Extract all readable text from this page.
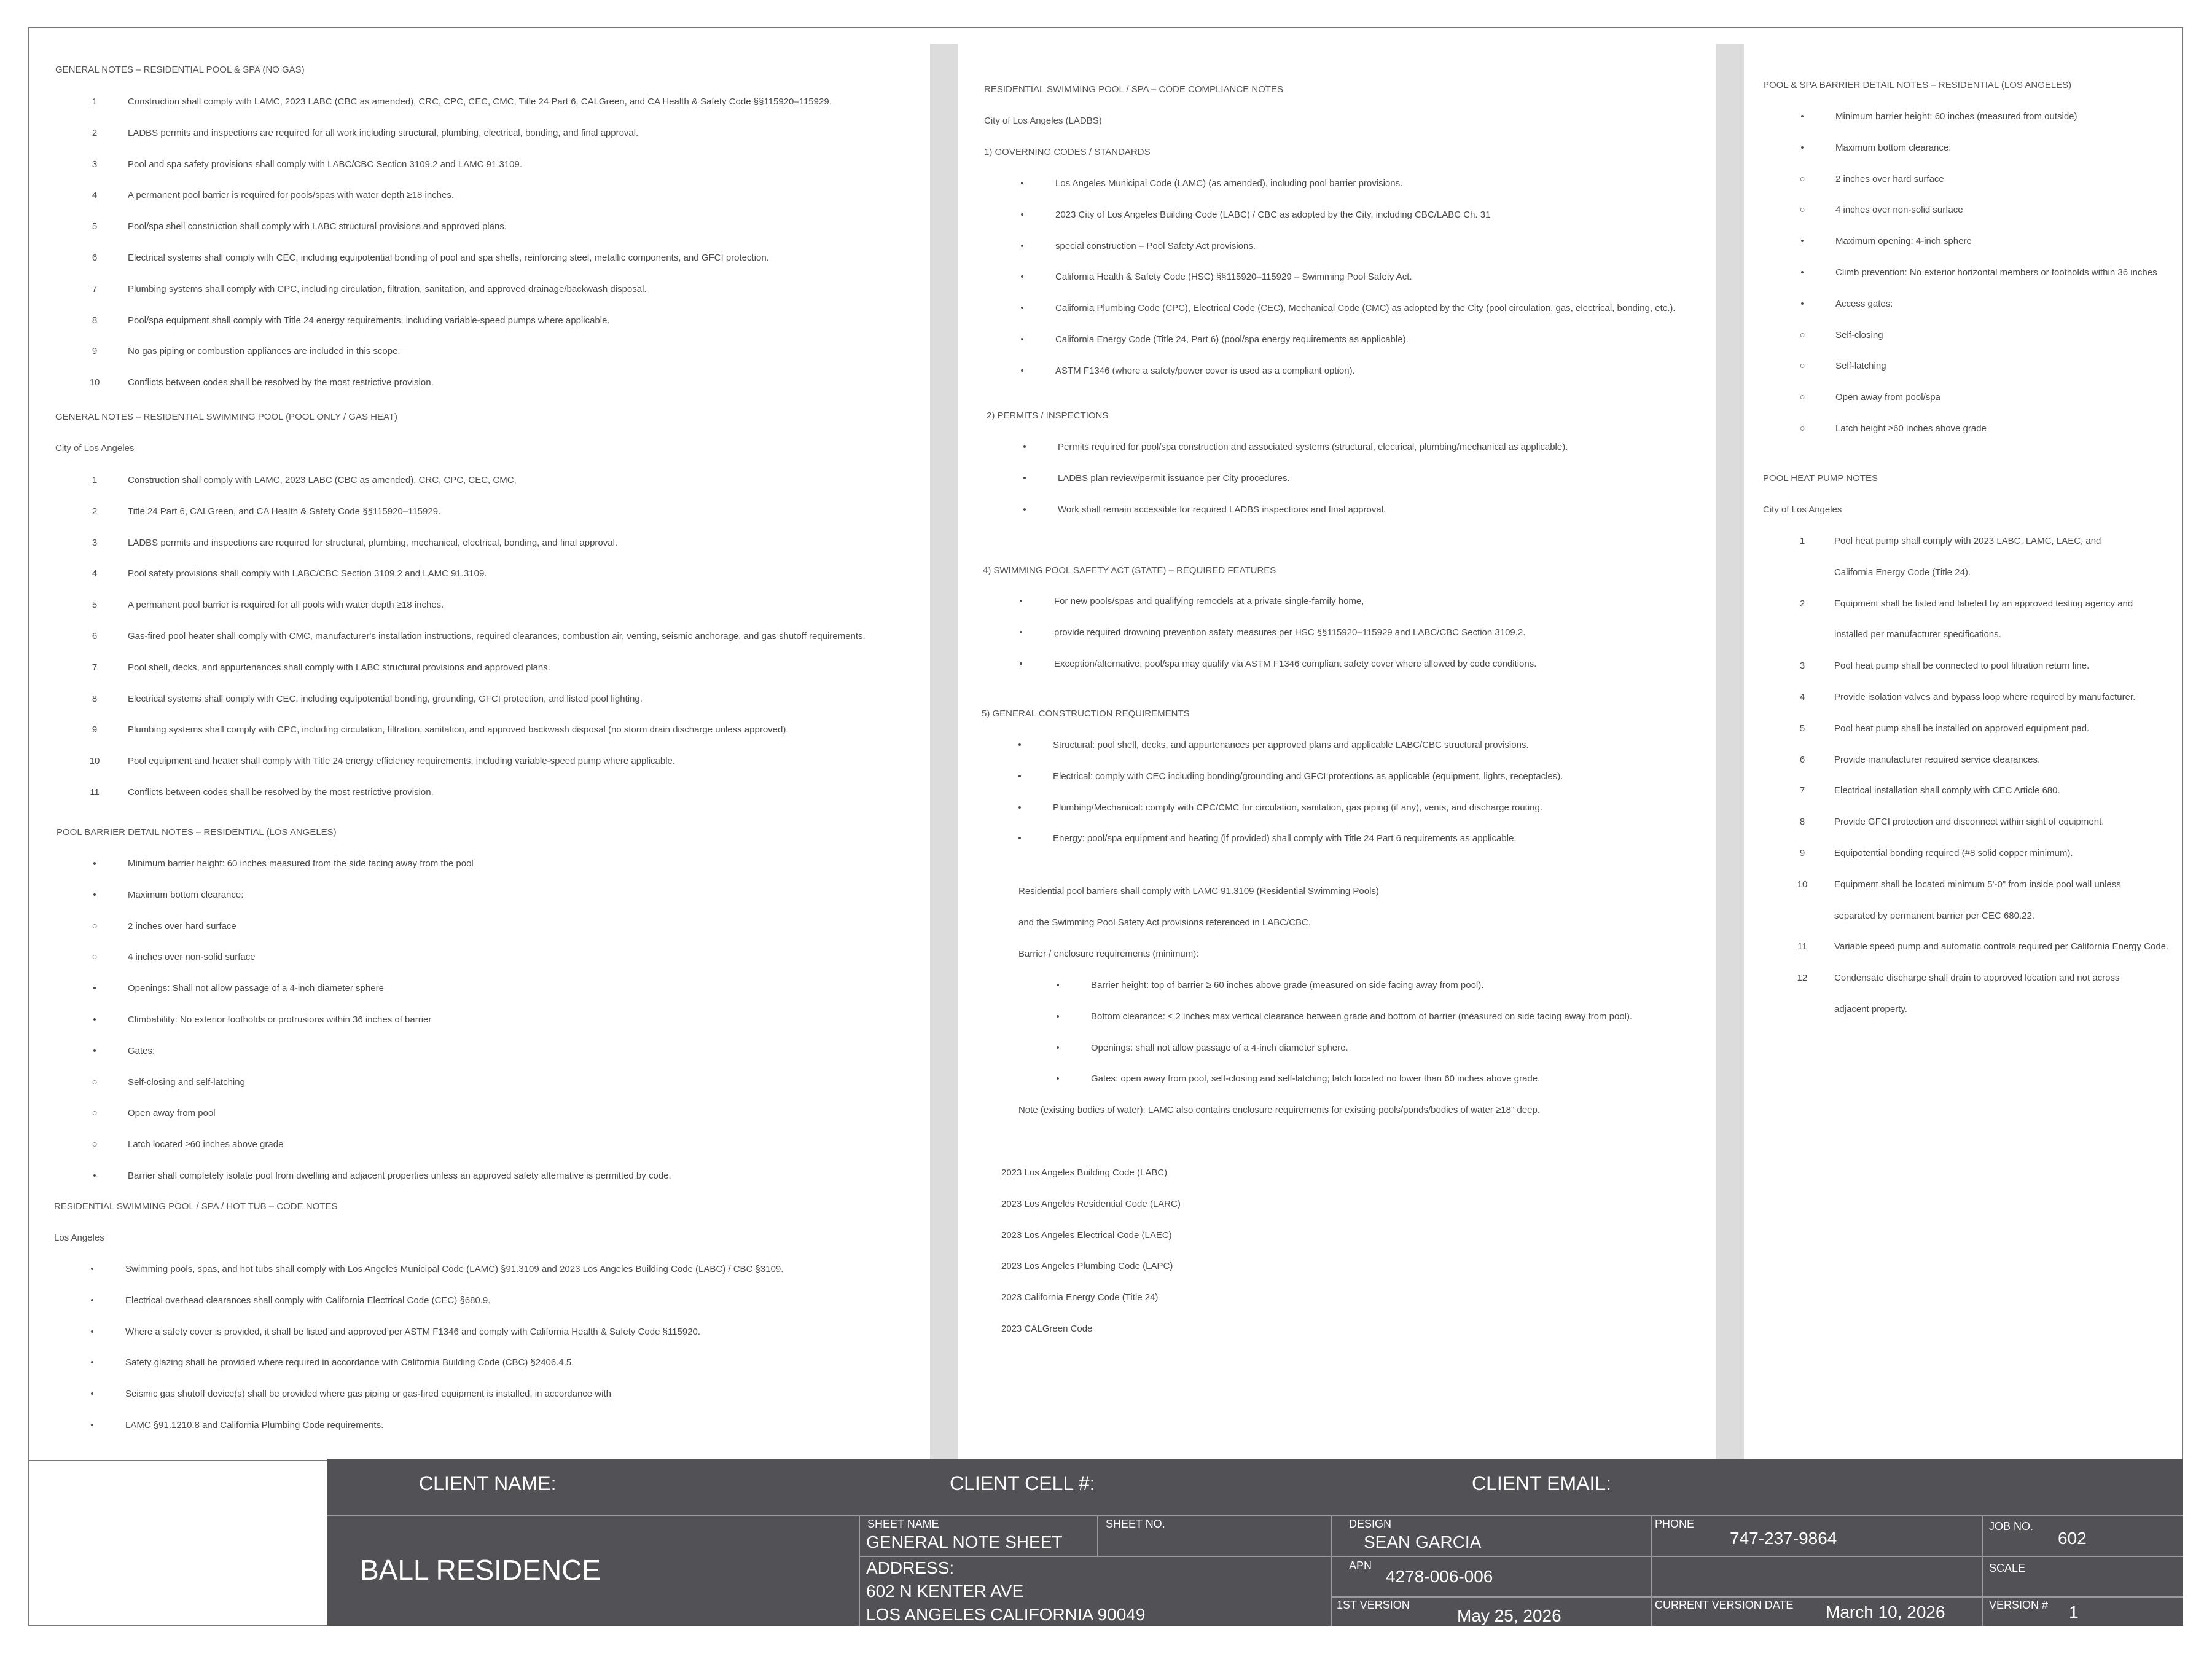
GENERAL NOTES – RESIDENTIAL POOL & SPA (NO GAS)
1	Construction shall comply with LAMC, 2023 LABC (CBC as amended), CRC, CPC, CEC, CMC, Title 24 Part 6, CALGreen, and CA Health & Safety Code §§115920–115929.
2	LADBS permits and inspections are required for all work including structural, plumbing, electrical, bonding, and final approval.
3	Pool and spa safety provisions shall comply with LABC/CBC Section 3109.2 and LAMC 91.3109.
4	A permanent pool barrier is required for pools/spas with water depth ≥18 inches.
5	Pool/spa shell construction shall comply with LABC structural provisions and approved plans.
6	Electrical systems shall comply with CEC, including equipotential bonding of pool and spa shells, reinforcing steel, metallic components, and GFCI protection.
7	Plumbing systems shall comply with CPC, including circulation, filtration, sanitation, and approved drainage/backwash disposal.
8	Pool/spa equipment shall comply with Title 24 energy requirements, including variable-speed pumps where applicable.
9	No gas piping or combustion appliances are included in this scope.
10	Conflicts between codes shall be resolved by the most restrictive provision.
GENERAL NOTES – RESIDENTIAL SWIMMING POOL (POOL ONLY / GAS HEAT)
City of Los Angeles
1	Construction shall comply with LAMC, 2023 LABC (CBC as amended), CRC, CPC, CEC, CMC,
2	Title 24 Part 6, CALGreen, and CA Health & Safety Code §§115920–115929.
3	LADBS permits and inspections are required for structural, plumbing, mechanical, electrical, bonding, and final approval.
4	Pool safety provisions shall comply with LABC/CBC Section 3109.2 and LAMC 91.3109.
5	A permanent pool barrier is required for all pools with water depth ≥18 inches.
6	Gas-fired pool heater shall comply with CMC, manufacturer's installation instructions, required clearances, combustion air, venting, seismic anchorage, and gas shutoff requirements.
7	Pool shell, decks, and appurtenances shall comply with LABC structural provisions and approved plans.
8	Electrical systems shall comply with CEC, including equipotential bonding, grounding, GFCI protection, and listed pool lighting.
9	Plumbing systems shall comply with CPC, including circulation, filtration, sanitation, and approved backwash disposal (no storm drain discharge unless approved).
10	Pool equipment and heater shall comply with Title 24 energy efficiency requirements, including variable-speed pump where applicable.
11	Conflicts between codes shall be resolved by the most restrictive provision.
POOL BARRIER DETAIL NOTES – RESIDENTIAL (LOS ANGELES)
•	Minimum barrier height: 60 inches measured from the side facing away from the pool
•	Maximum bottom clearance:
○	2 inches over hard surface
○	4 inches over non-solid surface
•	Openings: Shall not allow passage of a 4-inch diameter sphere
•	Climbability: No exterior footholds or protrusions within 36 inches of barrier
•	Gates:
○	Self-closing and self-latching
○	Open away from pool
○	Latch located ≥60 inches above grade
•	Barrier shall completely isolate pool from dwelling and adjacent properties unless an approved safety alternative is permitted by code.
RESIDENTIAL SWIMMING POOL / SPA / HOT TUB – CODE NOTES
Los Angeles
•	Swimming pools, spas, and hot tubs shall comply with Los Angeles Municipal Code (LAMC) §91.3109 and 2023 Los Angeles Building Code (LABC) / CBC §3109.
•	Electrical overhead clearances shall comply with California Electrical Code (CEC) §680.9.
•	Where a safety cover is provided, it shall be listed and approved per ASTM F1346 and comply with California Health & Safety Code §115920.
•	Safety glazing shall be provided where required in accordance with California Building Code (CBC) §2406.4.5.
•	Seismic gas shutoff device(s) shall be provided where gas piping or gas-fired equipment is installed, in accordance with
•	LAMC §91.1210.8 and California Plumbing Code requirements.
RESIDENTIAL SWIMMING POOL / SPA – CODE COMPLIANCE NOTES
City of Los Angeles (LADBS)
1) GOVERNING CODES / STANDARDS
•	Los Angeles Municipal Code (LAMC) (as amended), including pool barrier provisions.
•	2023 City of Los Angeles Building Code (LABC) / CBC as adopted by the City, including CBC/LABC Ch. 31
•	special construction – Pool Safety Act provisions.
•	California Health & Safety Code (HSC) §§115920–115929 – Swimming Pool Safety Act.
•	California Plumbing Code (CPC), Electrical Code (CEC), Mechanical Code (CMC) as adopted by the City (pool circulation, gas, electrical, bonding, etc.).
•	California Energy Code (Title 24, Part 6) (pool/spa energy requirements as applicable).
•	ASTM F1346 (where a safety/power cover is used as a compliant option).
2) PERMITS / INSPECTIONS
•	Permits required for pool/spa construction and associated systems (structural, electrical, plumbing/mechanical as applicable).
•	LADBS plan review/permit issuance per City procedures.
•	Work shall remain accessible for required LADBS inspections and final approval.
4) SWIMMING POOL SAFETY ACT (STATE) – REQUIRED FEATURES
•	For new pools/spas and qualifying remodels at a private single-family home,
•	provide required drowning prevention safety measures per HSC §§115920–115929 and LABC/CBC Section 3109.2.
•	Exception/alternative: pool/spa may qualify via ASTM F1346 compliant safety cover where allowed by code conditions.
5) GENERAL CONSTRUCTION REQUIREMENTS
•	Structural: pool shell, decks, and appurtenances per approved plans and applicable LABC/CBC structural provisions.
•	Electrical: comply with CEC including bonding/grounding and GFCI protections as applicable (equipment, lights, receptacles).
•	Plumbing/Mechanical: comply with CPC/CMC for circulation, sanitation, gas piping (if any), vents, and discharge routing.
•	Energy: pool/spa equipment and heating (if provided) shall comply with Title 24 Part 6 requirements as applicable.
Residential pool barriers shall comply with LAMC 91.3109 (Residential Swimming Pools)
and the Swimming Pool Safety Act provisions referenced in LABC/CBC.
Barrier / enclosure requirements (minimum):
•	Barrier height: top of barrier ≥ 60 inches above grade (measured on side facing away from pool).
•	Bottom clearance: ≤ 2 inches max vertical clearance between grade and bottom of barrier (measured on side facing away from pool).
•	Openings: shall not allow passage of a 4-inch diameter sphere.
•	Gates: open away from pool, self-closing and self-latching; latch located no lower than 60 inches above grade.
Note (existing bodies of water): LAMC also contains enclosure requirements for existing pools/ponds/bodies of water ≥18" deep.
2023 Los Angeles Building Code (LABC)
2023 Los Angeles Residential Code (LARC)
2023 Los Angeles Electrical Code (LAEC)
2023 Los Angeles Plumbing Code (LAPC)
2023 California Energy Code (Title 24)
2023 CALGreen Code
POOL & SPA BARRIER DETAIL NOTES – RESIDENTIAL (LOS ANGELES)
•	Minimum barrier height: 60 inches (measured from outside)
•	Maximum bottom clearance:
○	2 inches over hard surface
○	4 inches over non-solid surface
•	Maximum opening: 4-inch sphere
•	Climb prevention: No exterior horizontal members or footholds within 36 inches
•	Access gates:
○	Self-closing
○	Self-latching
○	Open away from pool/spa
○	Latch height ≥60 inches above grade
POOL HEAT PUMP NOTES
City of Los Angeles
1	Pool heat pump shall comply with 2023 LABC, LAMC, LAEC, and
California Energy Code (Title 24).
2	Equipment shall be listed and labeled by an approved testing agency and
installed per manufacturer specifications.
3	Pool heat pump shall be connected to pool filtration return line.
4	Provide isolation valves and bypass loop where required by manufacturer.
5	Pool heat pump shall be installed on approved equipment pad.
6	Provide manufacturer required service clearances.
7	Electrical installation shall comply with CEC Article 680.
8	Provide GFCI protection and disconnect within sight of equipment.
9	Equipotential bonding required (#8 solid copper minimum).
10	Equipment shall be located minimum 5'-0" from inside pool wall unless
separated by permanent barrier per CEC 680.22.
11	Variable speed pump and automatic controls required per California Energy Code.
12	Condensate discharge shall drain to approved location and not across
adjacent property.
CLIENT NAME:	CLIENT CELL #:	CLIENT EMAIL:
BALL RESIDENCE
SHEET NAME
GENERAL NOTE SHEET
SHEET NO.
ADDRESS:
602 N KENTER AVE
LOS ANGELES CALIFORNIA 90049
DESIGN
SEAN GARCIA
APN
4278-006-006
1ST VERSION
May 25, 2026
PHONE
747-237-9864
CURRENT VERSION DATE March 10, 2026
JOB NO.
602
SCALE
VERSION # 1
